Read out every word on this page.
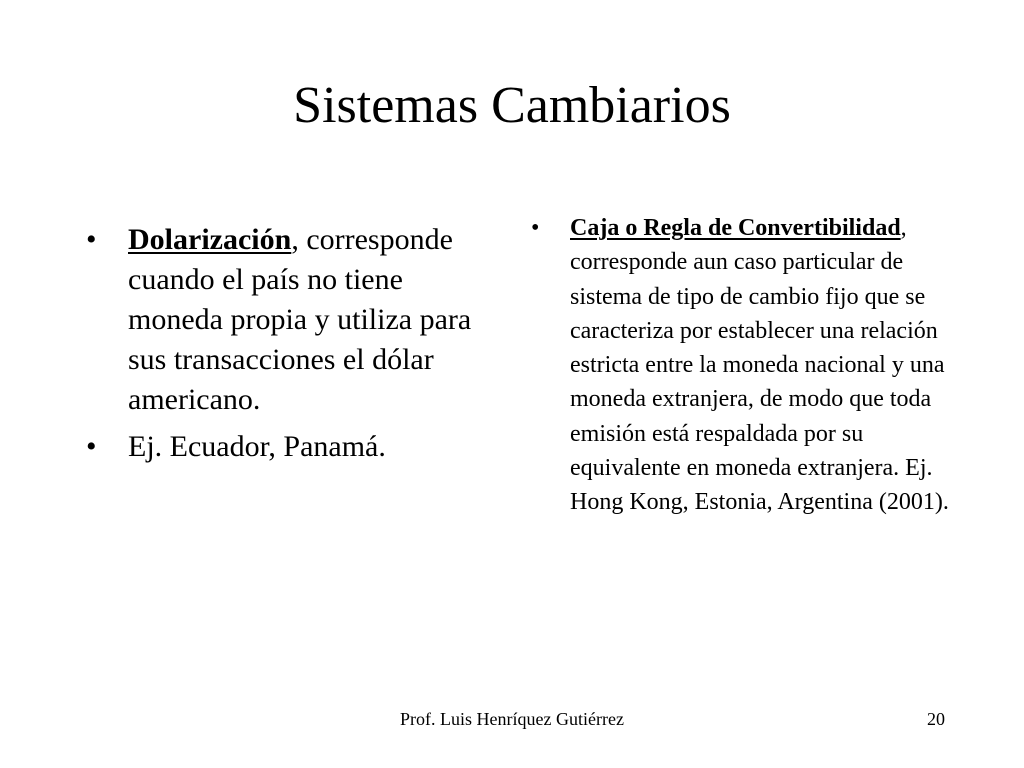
Sistemas Cambiarios
• Dolarización, corresponde cuando el país no tiene moneda propia y utiliza para sus transacciones el dólar americano.
• Ej. Ecuador, Panamá.
• Caja o Regla de Convertibilidad, corresponde aun caso particular de sistema de tipo de cambio fijo que se caracteriza por establecer una relación estricta entre la moneda nacional y una moneda extranjera, de modo que toda emisión está respaldada por su equivalente en moneda extranjera. Ej. Hong Kong, Estonia, Argentina (2001).

Prof. Luis Henríquez Gutiérrez	20
